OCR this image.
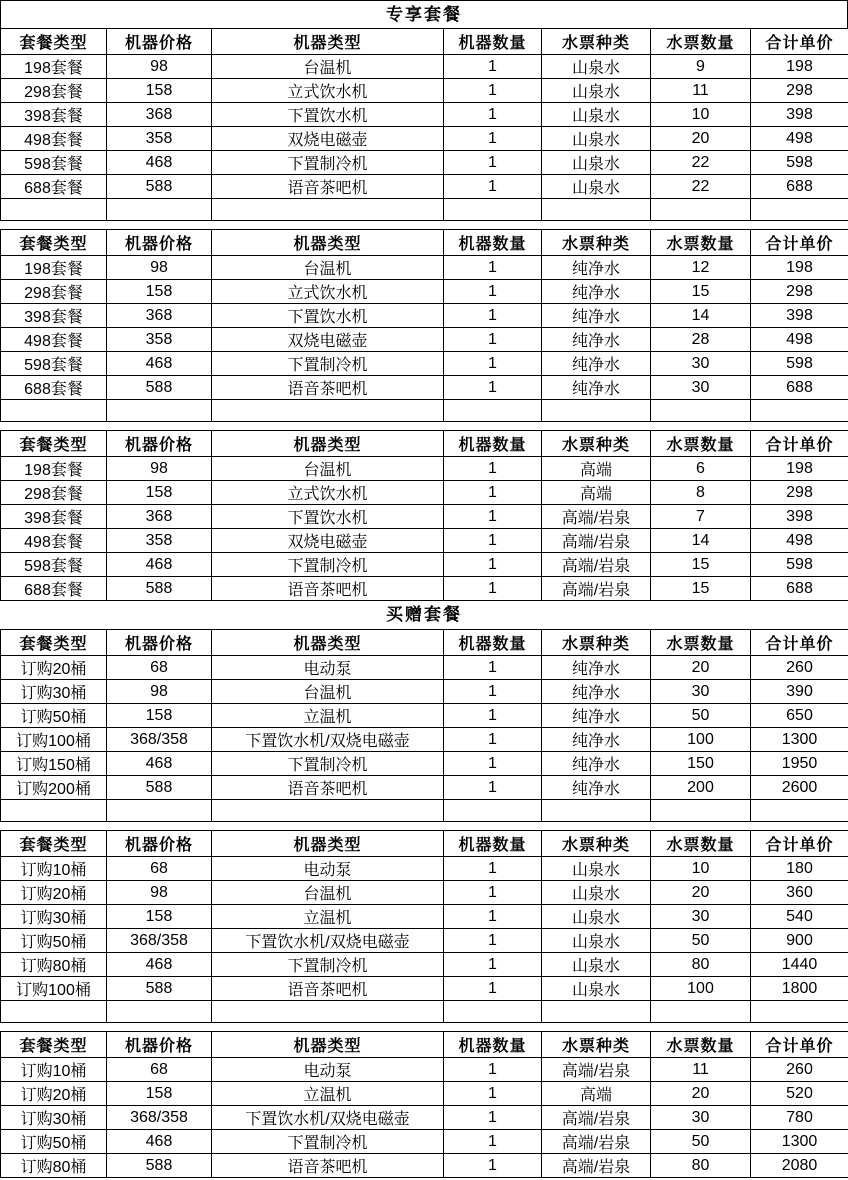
专享套餐
套餐类型	机器价格	机器类型	机器数量	水票种类	水票数量	合计单价
198套餐	98	台温机	1	山泉水	9	198
298套餐	158	立式饮水机	1	山泉水	11	298
398套餐	368	下置饮水机	1	山泉水	10	398
498套餐	358	双烧电磁壶	1	山泉水	20	498
598套餐	468	下置制冷机	1	山泉水	22	598
688套餐	588	语音茶吧机	1	山泉水	22	688

套餐类型	机器价格	机器类型	机器数量	水票种类	水票数量	合计单价
198套餐	98	台温机	1	纯净水	12	198
298套餐	158	立式饮水机	1	纯净水	15	298
398套餐	368	下置饮水机	1	纯净水	14	398
498套餐	358	双烧电磁壶	1	纯净水	28	498
598套餐	468	下置制冷机	1	纯净水	30	598
688套餐	588	语音茶吧机	1	纯净水	30	688

套餐类型	机器价格	机器类型	机器数量	水票种类	水票数量	合计单价
198套餐	98	台温机	1	高端	6	198
298套餐	158	立式饮水机	1	高端	8	298
398套餐	368	下置饮水机	1	高端/岩泉	7	398
498套餐	358	双烧电磁壶	1	高端/岩泉	14	498
598套餐	468	下置制冷机	1	高端/岩泉	15	598
688套餐	588	语音茶吧机	1	高端/岩泉	15	688
买赠套餐
套餐类型	机器价格	机器类型	机器数量	水票种类	水票数量	合计单价
订购20桶	68	电动泵	1	纯净水	20	260
订购30桶	98	台温机	1	纯净水	30	390
订购50桶	158	立温机	1	纯净水	50	650
订购100桶	368/358	下置饮水机/双烧电磁壶	1	纯净水	100	1300
订购150桶	468	下置制冷机	1	纯净水	150	1950
订购200桶	588	语音茶吧机	1	纯净水	200	2600

套餐类型	机器价格	机器类型	机器数量	水票种类	水票数量	合计单价
订购10桶	68	电动泵	1	山泉水	10	180
订购20桶	98	台温机	1	山泉水	20	360
订购30桶	158	立温机	1	山泉水	30	540
订购50桶	368/358	下置饮水机/双烧电磁壶	1	山泉水	50	900
订购80桶	468	下置制冷机	1	山泉水	80	1440
订购100桶	588	语音茶吧机	1	山泉水	100	1800

套餐类型	机器价格	机器类型	机器数量	水票种类	水票数量	合计单价
订购10桶	68	电动泵	1	高端/岩泉	11	260
订购20桶	158	立温机	1	高端	20	520
订购30桶	368/358	下置饮水机/双烧电磁壶	1	高端/岩泉	30	780
订购50桶	468	下置制冷机	1	高端/岩泉	50	1300
订购80桶	588	语音茶吧机	1	高端/岩泉	80	2080
